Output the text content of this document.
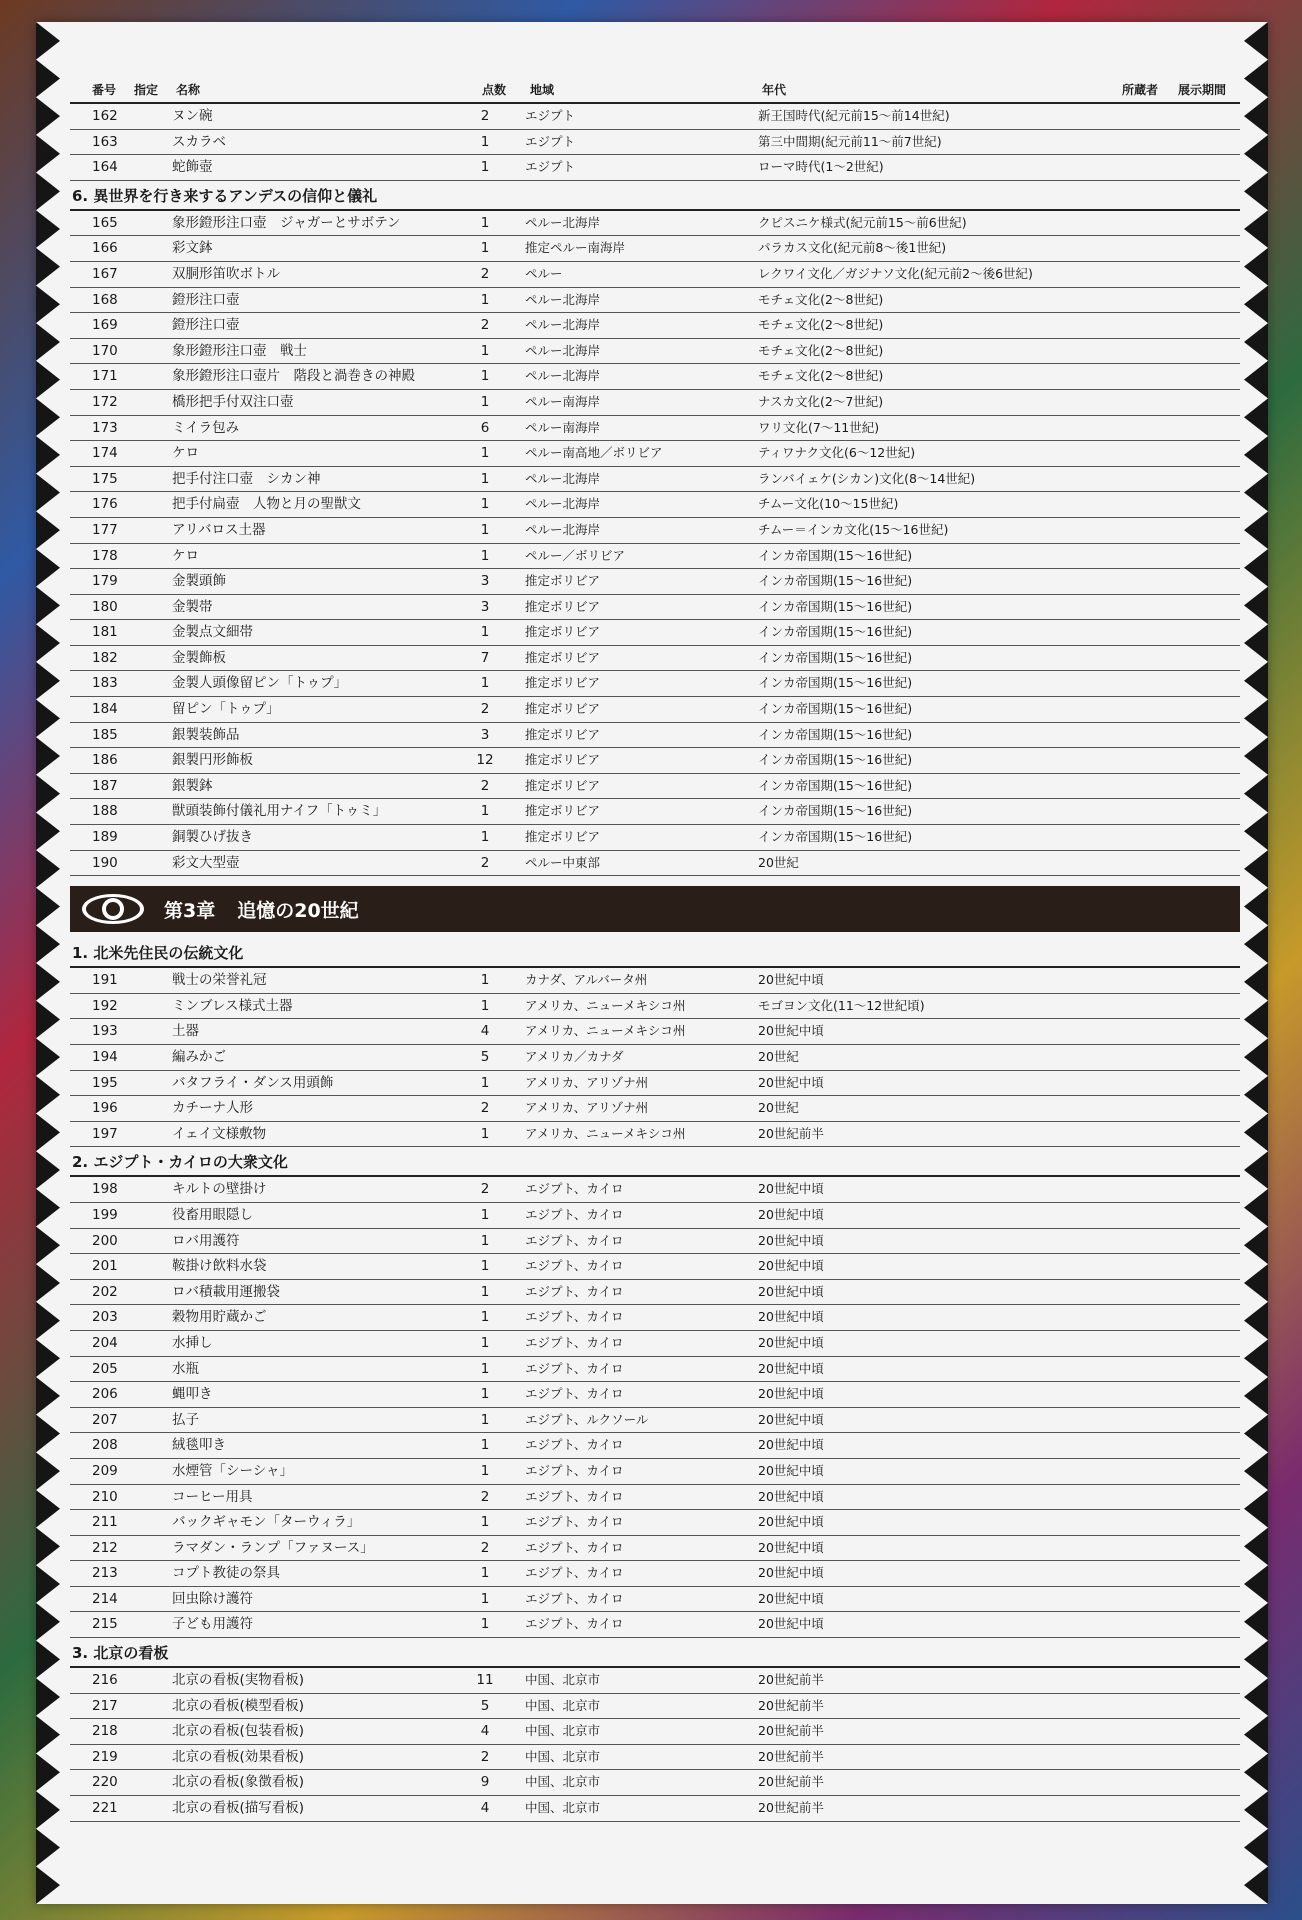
番号 指定 名称	点数 地域	年代	所蔵者 展示期間
162	ヌン碗	2	エジプト	新王国時代(紀元前15～前14世紀)
163	スカラベ	1	エジプト	第三中間期(紀元前11～前7世紀)
164	蛇飾壺	1	エジプト	ローマ時代(1～2世紀)
6. 異世界を行き来するアンデスの信仰と儀礼
165	象形鐙形注口壺　ジャガーとサボテン	1	ペルー北海岸	クピスニケ様式(紀元前15～前6世紀)
166	彩文鉢	1	推定ペルー南海岸	パラカス文化(紀元前8～後1世紀)
167	双胴形笛吹ボトル	2	ペルー	レクワイ文化／ガジナソ文化(紀元前2～後6世紀)
168	鐙形注口壺	1	ペルー北海岸	モチェ文化(2～8世紀)
169	鐙形注口壺	2	ペルー北海岸	モチェ文化(2～8世紀)
170	象形鐙形注口壺　戦士	1	ペルー北海岸	モチェ文化(2～8世紀)
171	象形鐙形注口壺片　階段と渦巻きの神殿	1	ペルー北海岸	モチェ文化(2～8世紀)
172	橋形把手付双注口壺	1	ペルー南海岸	ナスカ文化(2～7世紀)
173	ミイラ包み	6	ペルー南海岸	ワリ文化(7～11世紀)
174	ケロ	1	ペルー南高地／ボリビア	ティワナク文化(6～12世紀)
175	把手付注口壺　シカン神	1	ペルー北海岸	ランバイェケ(シカン)文化(8～14世紀)
176	把手付扁壺　人物と月の聖獣文	1	ペルー北海岸	チムー文化(10～15世紀)
177	アリバロス土器	1	ペルー北海岸	チムー＝インカ文化(15～16世紀)
178	ケロ	1	ペルー／ボリビア	インカ帝国期(15～16世紀)
179	金製頭飾	3	推定ボリビア	インカ帝国期(15～16世紀)
180	金製帯	3	推定ボリビア	インカ帝国期(15～16世紀)
181	金製点文細帯	1	推定ボリビア	インカ帝国期(15～16世紀)
182	金製飾板	7	推定ボリビア	インカ帝国期(15～16世紀)
183	金製人頭像留ピン「トゥプ」	1	推定ボリビア	インカ帝国期(15～16世紀)
184	留ピン「トゥプ」	2	推定ボリビア	インカ帝国期(15～16世紀)
185	銀製装飾品	3	推定ボリビア	インカ帝国期(15～16世紀)
186	銀製円形飾板	12	推定ボリビア	インカ帝国期(15～16世紀)
187	銀製鉢	2	推定ボリビア	インカ帝国期(15～16世紀)
188	獣頭装飾付儀礼用ナイフ「トゥミ」	1	推定ボリビア	インカ帝国期(15～16世紀)
189	銅製ひげ抜き	1	推定ボリビア	インカ帝国期(15～16世紀)
190	彩文大型壺	2	ペルー中東部	20世紀
第3章 追憶の20世紀
1. 北米先住民の伝統文化
191	戦士の栄誉礼冠	1	カナダ、アルバータ州	20世紀中頃
192	ミンブレス様式土器	1	アメリカ、ニューメキシコ州	モゴヨン文化(11～12世紀頃)
193	土器	4	アメリカ、ニューメキシコ州	20世紀中頃
194	編みかご	5	アメリカ／カナダ	20世紀
195	バタフライ・ダンス用頭飾	1	アメリカ、アリゾナ州	20世紀中頃
196	カチーナ人形	2	アメリカ、アリゾナ州	20世紀
197	イェイ文様敷物	1	アメリカ、ニューメキシコ州	20世紀前半
2. エジプト・カイロの大衆文化
198	キルトの壁掛け	2	エジプト、カイロ	20世紀中頃
199	役畜用眼隠し	1	エジプト、カイロ	20世紀中頃
200	ロバ用護符	1	エジプト、カイロ	20世紀中頃
201	鞍掛け飲料水袋	1	エジプト、カイロ	20世紀中頃
202	ロバ積載用運搬袋	1	エジプト、カイロ	20世紀中頃
203	穀物用貯蔵かご	1	エジプト、カイロ	20世紀中頃
204	水挿し	1	エジプト、カイロ	20世紀中頃
205	水瓶	1	エジプト、カイロ	20世紀中頃
206	蝿叩き	1	エジプト、カイロ	20世紀中頃
207	払子	1	エジプト、ルクソール	20世紀中頃
208	絨毯叩き	1	エジプト、カイロ	20世紀中頃
209	水煙管「シーシャ」	1	エジプト、カイロ	20世紀中頃
210	コーヒー用具	2	エジプト、カイロ	20世紀中頃
211	バックギャモン「ターウィラ」	1	エジプト、カイロ	20世紀中頃
212	ラマダン・ランプ「ファヌース」	2	エジプト、カイロ	20世紀中頃
213	コプト教徒の祭具	1	エジプト、カイロ	20世紀中頃
214	回虫除け護符	1	エジプト、カイロ	20世紀中頃
215	子ども用護符	1	エジプト、カイロ	20世紀中頃
3. 北京の看板
216	北京の看板(実物看板)	11	中国、北京市	20世紀前半
217	北京の看板(模型看板)	5	中国、北京市	20世紀前半
218	北京の看板(包装看板)	4	中国、北京市	20世紀前半
219	北京の看板(効果看板)	2	中国、北京市	20世紀前半
220	北京の看板(象徴看板)	9	中国、北京市	20世紀前半
221	北京の看板(描写看板)	4	中国、北京市	20世紀前半
